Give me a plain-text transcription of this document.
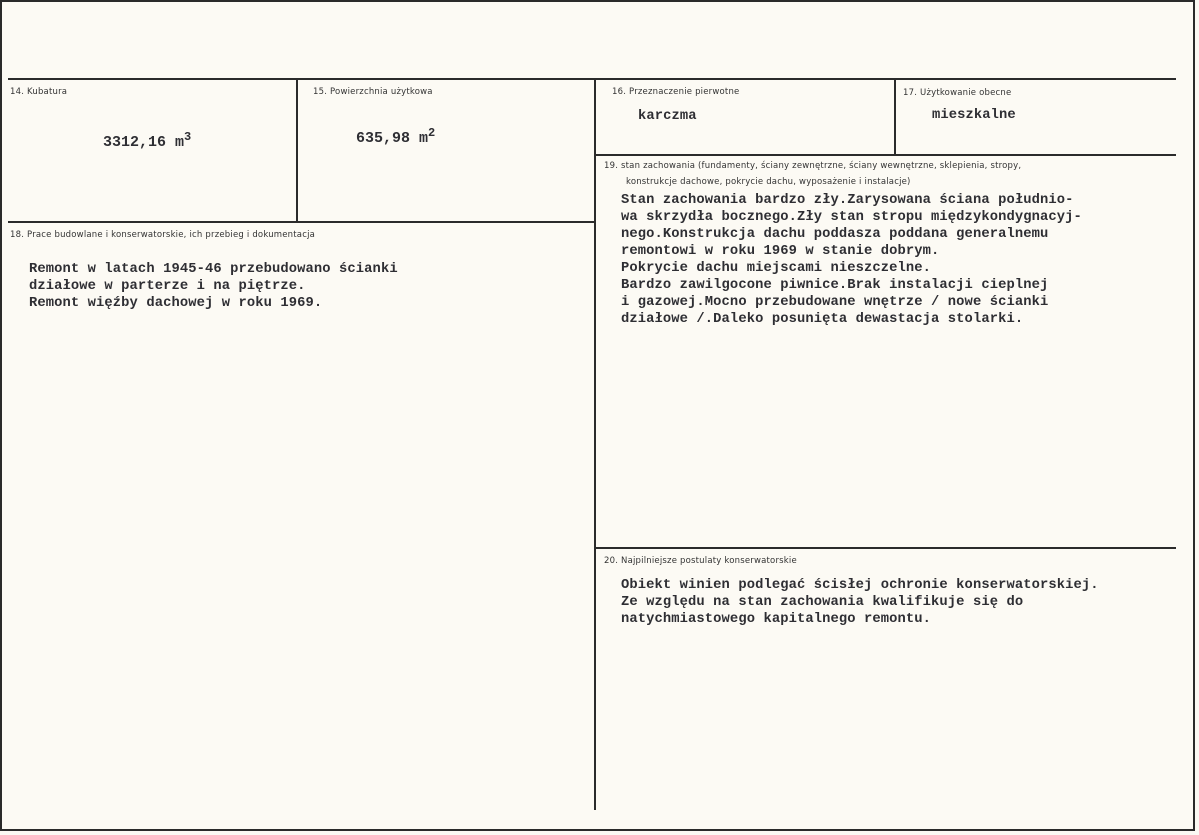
14. Kubatura
3312,16 $m^3$
15. Powierzchnia użytkowa
635,98 $m^2$
16. Przeznaczenie pierwotne
karczma
17. Użytkowanie obecne
mieszkalne
18. Prace budowlane i konserwatorskie, ich przebieg i dokumentacja
Remont w latach 1945-46 przebudowano ścianki
działowe w parterze i na piętrze.
Remont więźby dachowej w roku 1969.
19. stan zachowania (fundamenty, ściany zewnętrzne, ściany wewnętrzne, sklepienia, stropy,
konstrukcje dachowe, pokrycie dachu, wyposażenie i instalacje)
Stan zachowania bardzo zły.Zarysowana ściana południo-
wa skrzydła bocznego.Zły stan stropu międzykondygnacyj-
nego.Konstrukcja dachu poddasza poddana generalnemu
remontowi w roku 1969 w stanie dobrym.
Pokrycie dachu miejscami nieszczelne.
Bardzo zawilgocone piwnice.Brak instalacji cieplnej
i gazowej.Mocno przebudowane wnętrze / nowe ścianki
działowe /.Daleko posunięta dewastacja stolarki.
20. Najpilniejsze postulaty konserwatorskie
Obiekt winien podlegać ścisłej ochronie konserwatorskiej.
Ze względu na stan zachowania kwalifikuje się do
natychmiastowego kapitalnego remontu.
